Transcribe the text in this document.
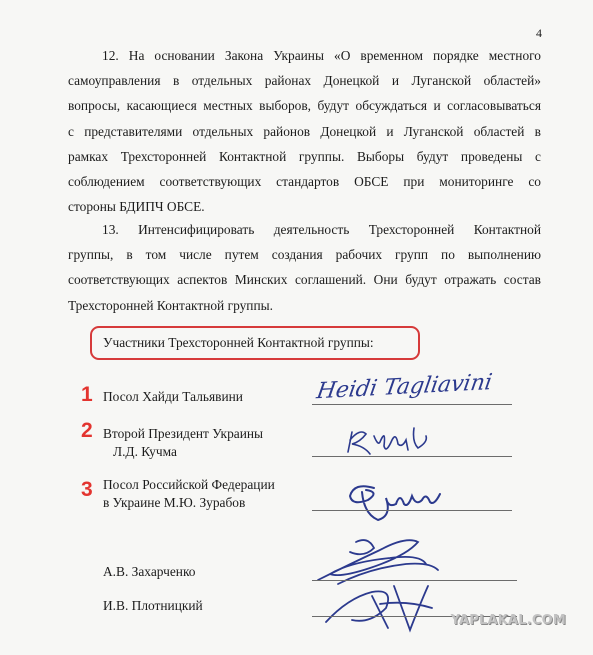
4
12. На основании Закона Украины «О временном порядке местного
самоуправления в отдельных районах Донецкой и Луганской областей»
вопросы, касающиеся местных выборов, будут обсуждаться и согласовываться
с представителями отдельных районов Донецкой и Луганской областей в
рамках Трехсторонней Контактной группы. Выборы будут проведены с
соблюдением соответствующих стандартов ОБСЕ при мониторинге со
стороны БДИПЧ ОБСЕ.
13. Интенсифицировать деятельность Трехсторонней Контактной
группы, в том числе путем создания рабочих групп по выполнению
соответствующих аспектов Минских соглашений. Они будут отражать состав
Трехсторонней Контактной группы.
Участники Трехсторонней Контактной группы:
1 Посол Хайди Тальявини	Heidi Tagliavini
2 Второй Президент Украины
Л.Д. Кучма
3 Посол Российской Федерации
в Украине М.Ю. Зурабов
А.В. Захарченко
И.В. Плотницкий
YAPLAKAL.COM
